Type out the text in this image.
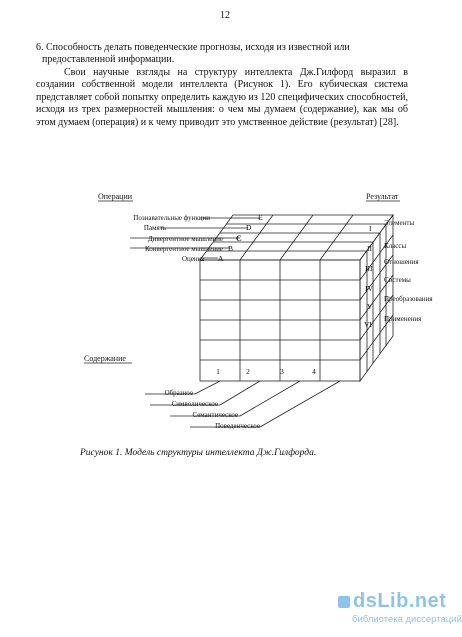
12
6. Способность делать поведенческие прогнозы, исходя из известной или
предоставленной информации.
Свои научные взгляды на структуру интеллекта Дж.Гилфорд выразил в создании собственной модели интеллекта (Рисунок 1). Его кубическая система представляет собой попытку определить каждую из 120 специфических способностей, исходя из трех размерностей мышления: о чем мы думаем (содержание), как мы об этом думаем (операция) и к чему приводит это умственное действие (результат) [28].
Операции	Результат
Содержание
Познавательные функции
Память
Дивергентное мышление
Конвергентное мышление
Оценка
E
D
C
B
A
I
II
III
IV
V
VI
Элементы
Классы
Отношения
Системы
Преобразования
Применения
1	2	3	4
Образное
Символическое
Семантическое
Поведенческое
Рисунок 1. Модель структуры интеллекта Дж.Гилфорда.
dsLib.net
библиотека диссертаций
